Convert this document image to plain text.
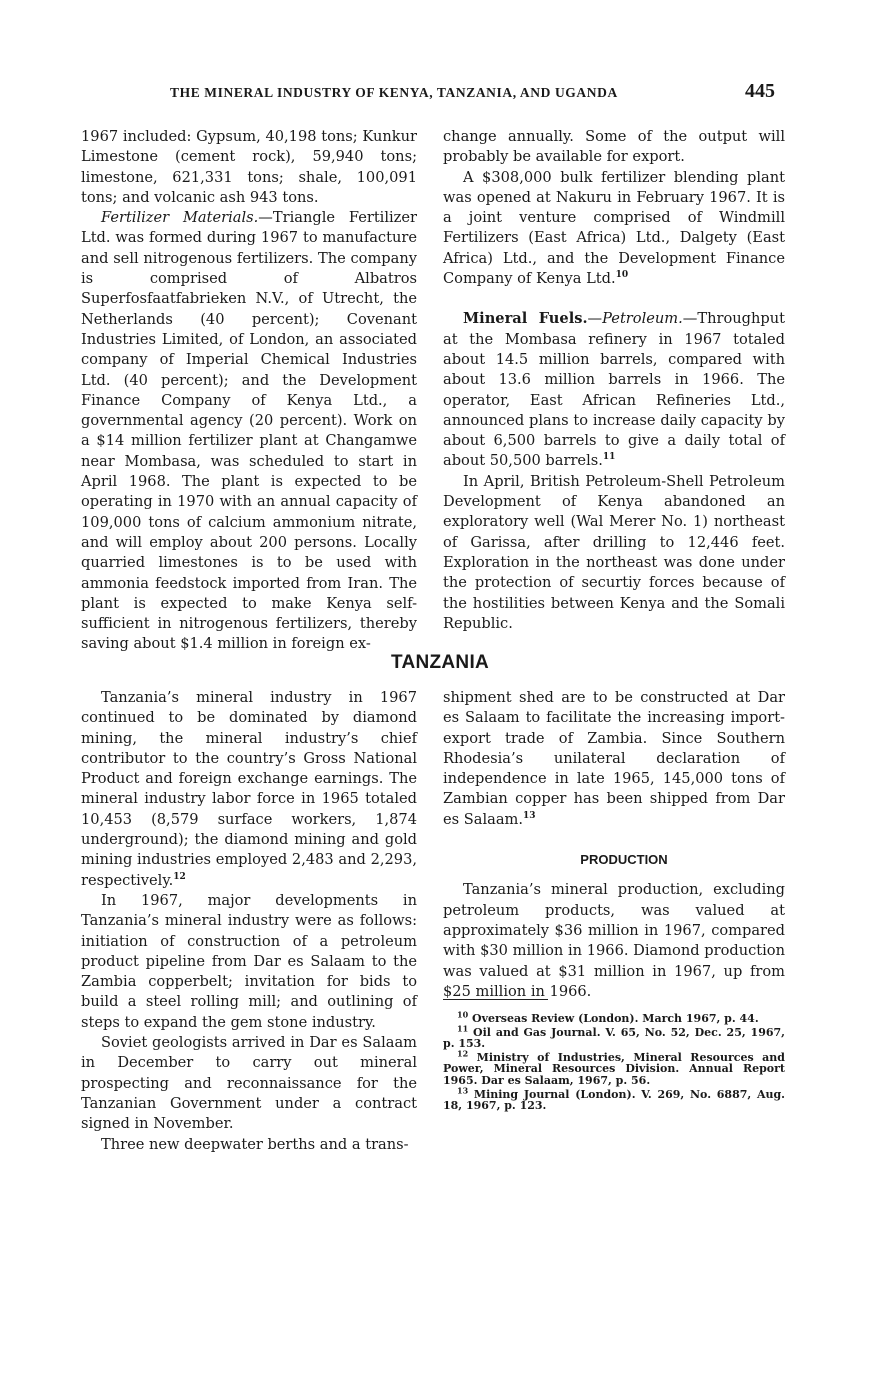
THE MINERAL INDUSTRY OF KENYA, TANZANIA, AND UGANDA	445

1967 included: Gypsum, 40,198 tons; Kunkur Limestone (cement rock), 59,940 tons; limestone, 621,331 tons; shale, 100,091 tons; and volcanic ash 943 tons.

Fertilizer Materials.—Triangle Fertilizer Ltd. was formed during 1967 to manufacture and sell nitrogenous fertilizers. The company is comprised of Albatros Superfosfaatfabrieken N.V., of Utrecht, the Netherlands (40 percent); Covenant Industries Limited, of London, an associated company of Imperial Chemical Industries Ltd. (40 percent); and the Development Finance Company of Kenya Ltd., a governmental agency (20 percent). Work on a $14 million fertilizer plant at Changamwe near Mombasa, was scheduled to start in April 1968. The plant is expected to be operating in 1970 with an annual capacity of 109,000 tons of calcium ammonium nitrate, and will employ about 200 persons. Locally quarried limestones is to be used with ammonia feedstock imported from Iran. The plant is expected to make Kenya self-sufficient in nitrogenous fertilizers, thereby saving about $1.4 million in foreign ex-

change annually. Some of the output will probably be available for export.

A $308,000 bulk fertilizer blending plant was opened at Nakuru in February 1967. It is a joint venture comprised of Windmill Fertilizers (East Africa) Ltd., Dalgety (East Africa) Ltd., and the Development Finance Company of Kenya Ltd.$^{10}$

Mineral Fuels.—Petroleum.—Throughput at the Mombasa refinery in 1967 totaled about 14.5 million barrels, compared with about 13.6 million barrels in 1966. The operator, East African Refineries Ltd., announced plans to increase daily capacity by about 6,500 barrels to give a daily total of about 50,500 barrels.$^{11}$

In April, British Petroleum-Shell Petroleum Development of Kenya abandoned an exploratory well (Wal Merer No. 1) northeast of Garissa, after drilling to 12,446 feet. Exploration in the northeast was done under the protection of securtiy forces because of the hostilities between Kenya and the Somali Republic.

TANZANIA

Tanzania’s mineral industry in 1967 continued to be dominated by diamond mining, the mineral industry’s chief contributor to the country’s Gross National Product and foreign exchange earnings. The mineral industry labor force in 1965 totaled 10,453 (8,579 surface workers, 1,874 underground); the diamond mining and gold mining industries employed 2,483 and 2,293, respectively.$^{12}$

In 1967, major developments in Tanzania’s mineral industry were as follows: initiation of construction of a petroleum product pipeline from Dar es Salaam to the Zambia copperbelt; invitation for bids to build a steel rolling mill; and outlining of steps to expand the gem stone industry.

Soviet geologists arrived in Dar es Salaam in December to carry out mineral prospecting and reconnaissance for the Tanzanian Government under a contract signed in November.

Three new deepwater berths and a trans-

shipment shed are to be constructed at Dar es Salaam to facilitate the increasing import-export trade of Zambia. Since Southern Rhodesia’s unilateral declaration of independence in late 1965, 145,000 tons of Zambian copper has been shipped from Dar es Salaam.$^{13}$

PRODUCTION

Tanzania’s mineral production, excluding petroleum products, was valued at approximately $36 million in 1967, compared with $30 million in 1966. Diamond production was valued at $31 million in 1967, up from $25 million in 1966.

$^{10}$ Overseas Review (London). March 1967, p. 44.

$^{11}$ Oil and Gas Journal. V. 65, No. 52, Dec. 25, 1967, p. 153.

$^{12}$ Ministry of Industries, Mineral Resources and Power, Mineral Resources Division. Annual Report 1965. Dar es Salaam, 1967, p. 56.

$^{13}$ Mining Journal (London). V. 269, No. 6887, Aug. 18, 1967, p. 123.
